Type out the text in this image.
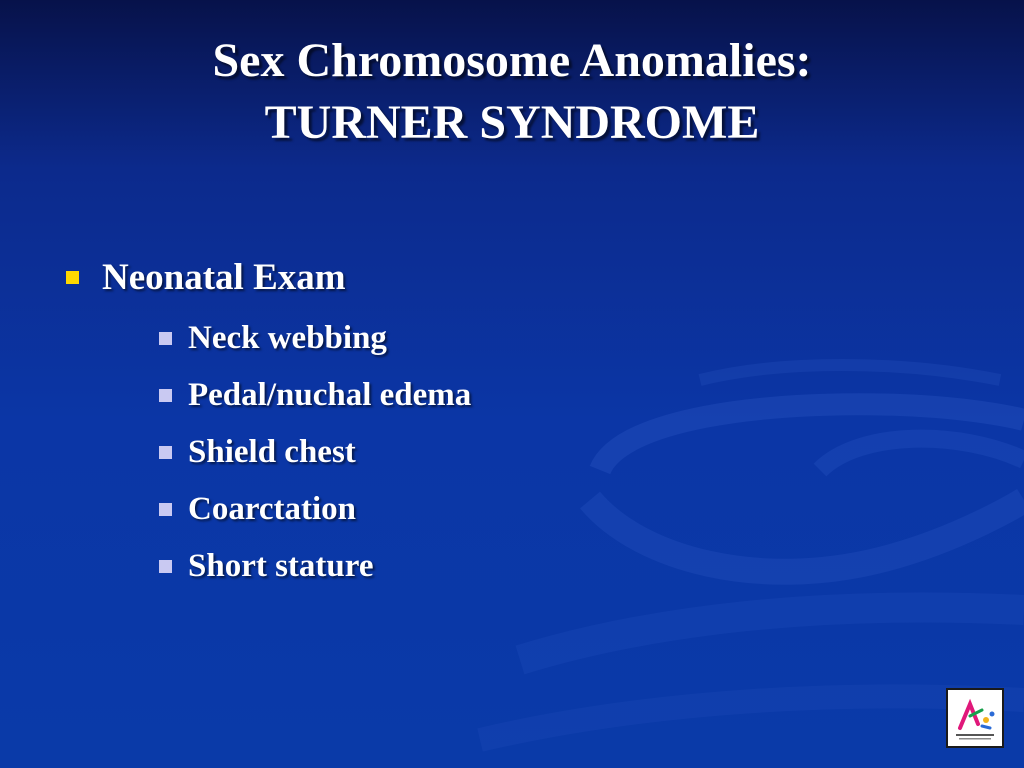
Sex Chromosome Anomalies:
TURNER SYNDROME
Neonatal Exam
Neck webbing
Pedal/nuchal edema
Shield chest
Coarctation
Short stature
